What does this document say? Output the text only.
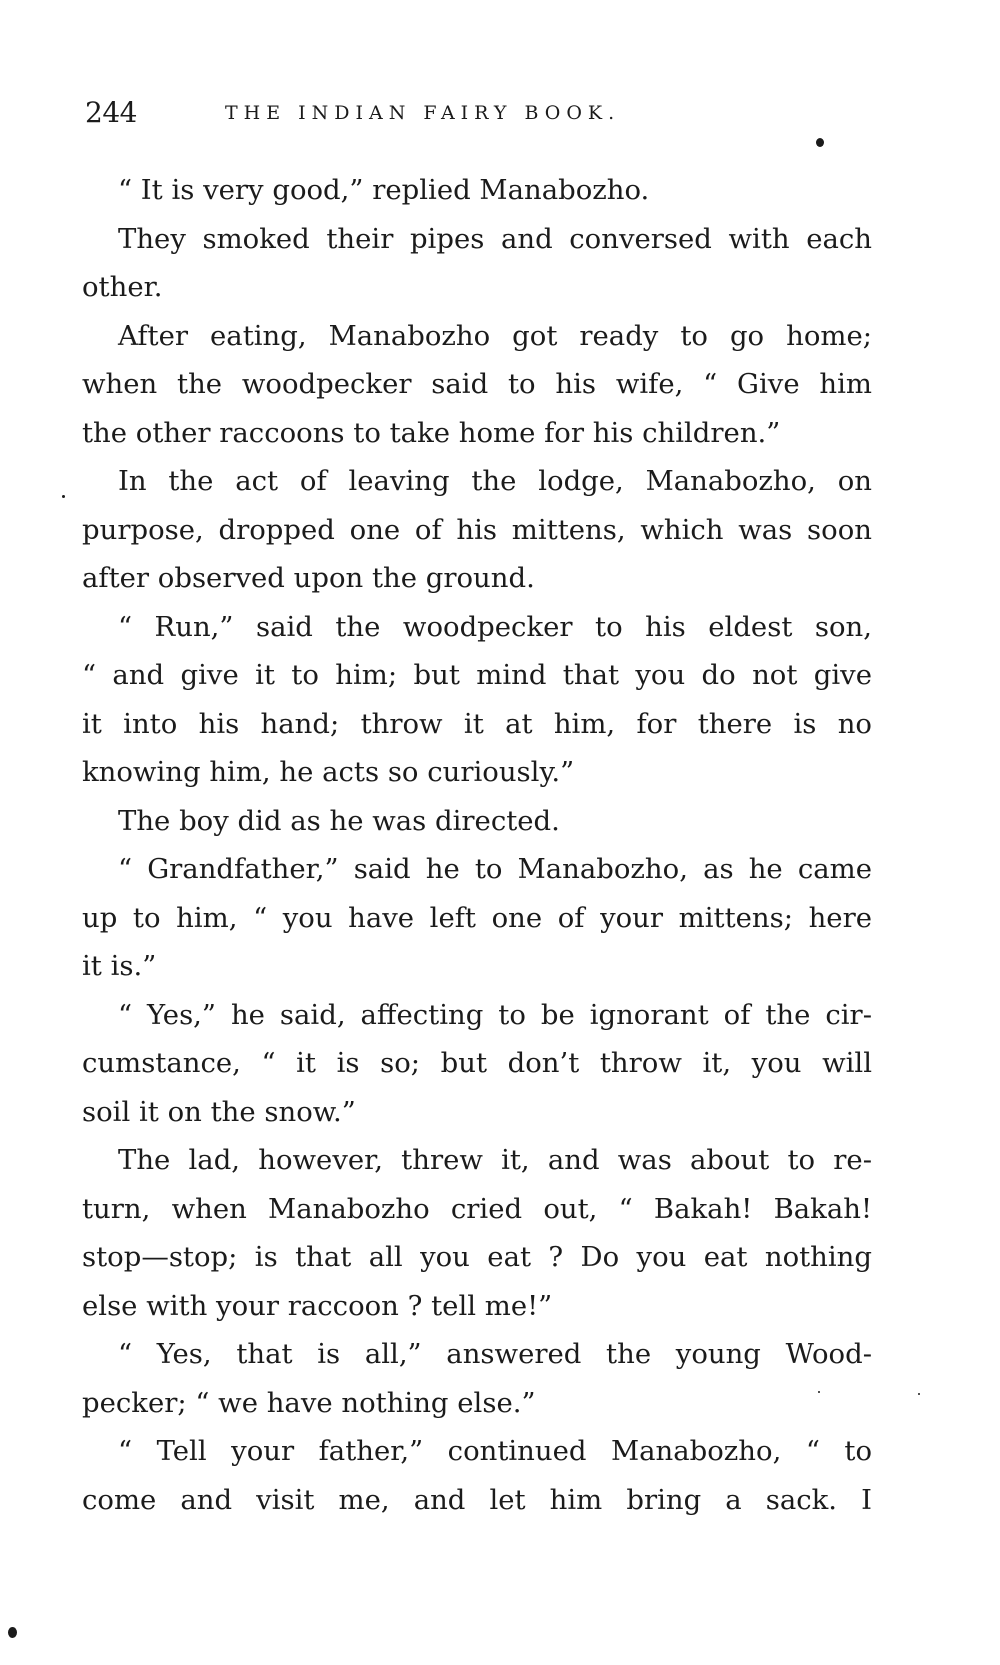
244	THE INDIAN FAIRY BOOK.
“ It is very good,” replied Manabozho.
They smoked their pipes and conversed with each
other.
After eating, Manabozho got ready to go home;
when the woodpecker said to his wife, “ Give him
the other raccoons to take home for his children.”
In the act of leaving the lodge, Manabozho, on
purpose, dropped one of his mittens, which was soon
after observed upon the ground.
“ Run,” said the woodpecker to his eldest son,
“ and give it to him; but mind that you do not give
it into his hand; throw it at him, for there is no
knowing him, he acts so curiously.”
The boy did as he was directed.
“ Grandfather,” said he to Manabozho, as he came
up to him, “ you have left one of your mittens; here
it is.”
“ Yes,” he said, affecting to be ignorant of the cir-
cumstance, “ it is so; but don’t throw it, you will
soil it on the snow.”
The lad, however, threw it, and was about to re-
turn, when Manabozho cried out, “ Bakah! Bakah!
stop—stop; is that all you eat ? Do you eat nothing
else with your raccoon ? tell me!”
“ Yes, that is all,” answered the young Wood-
pecker; “ we have nothing else.”
“ Tell your father,” continued Manabozho, “ to
come and visit me, and let him bring a sack. I
